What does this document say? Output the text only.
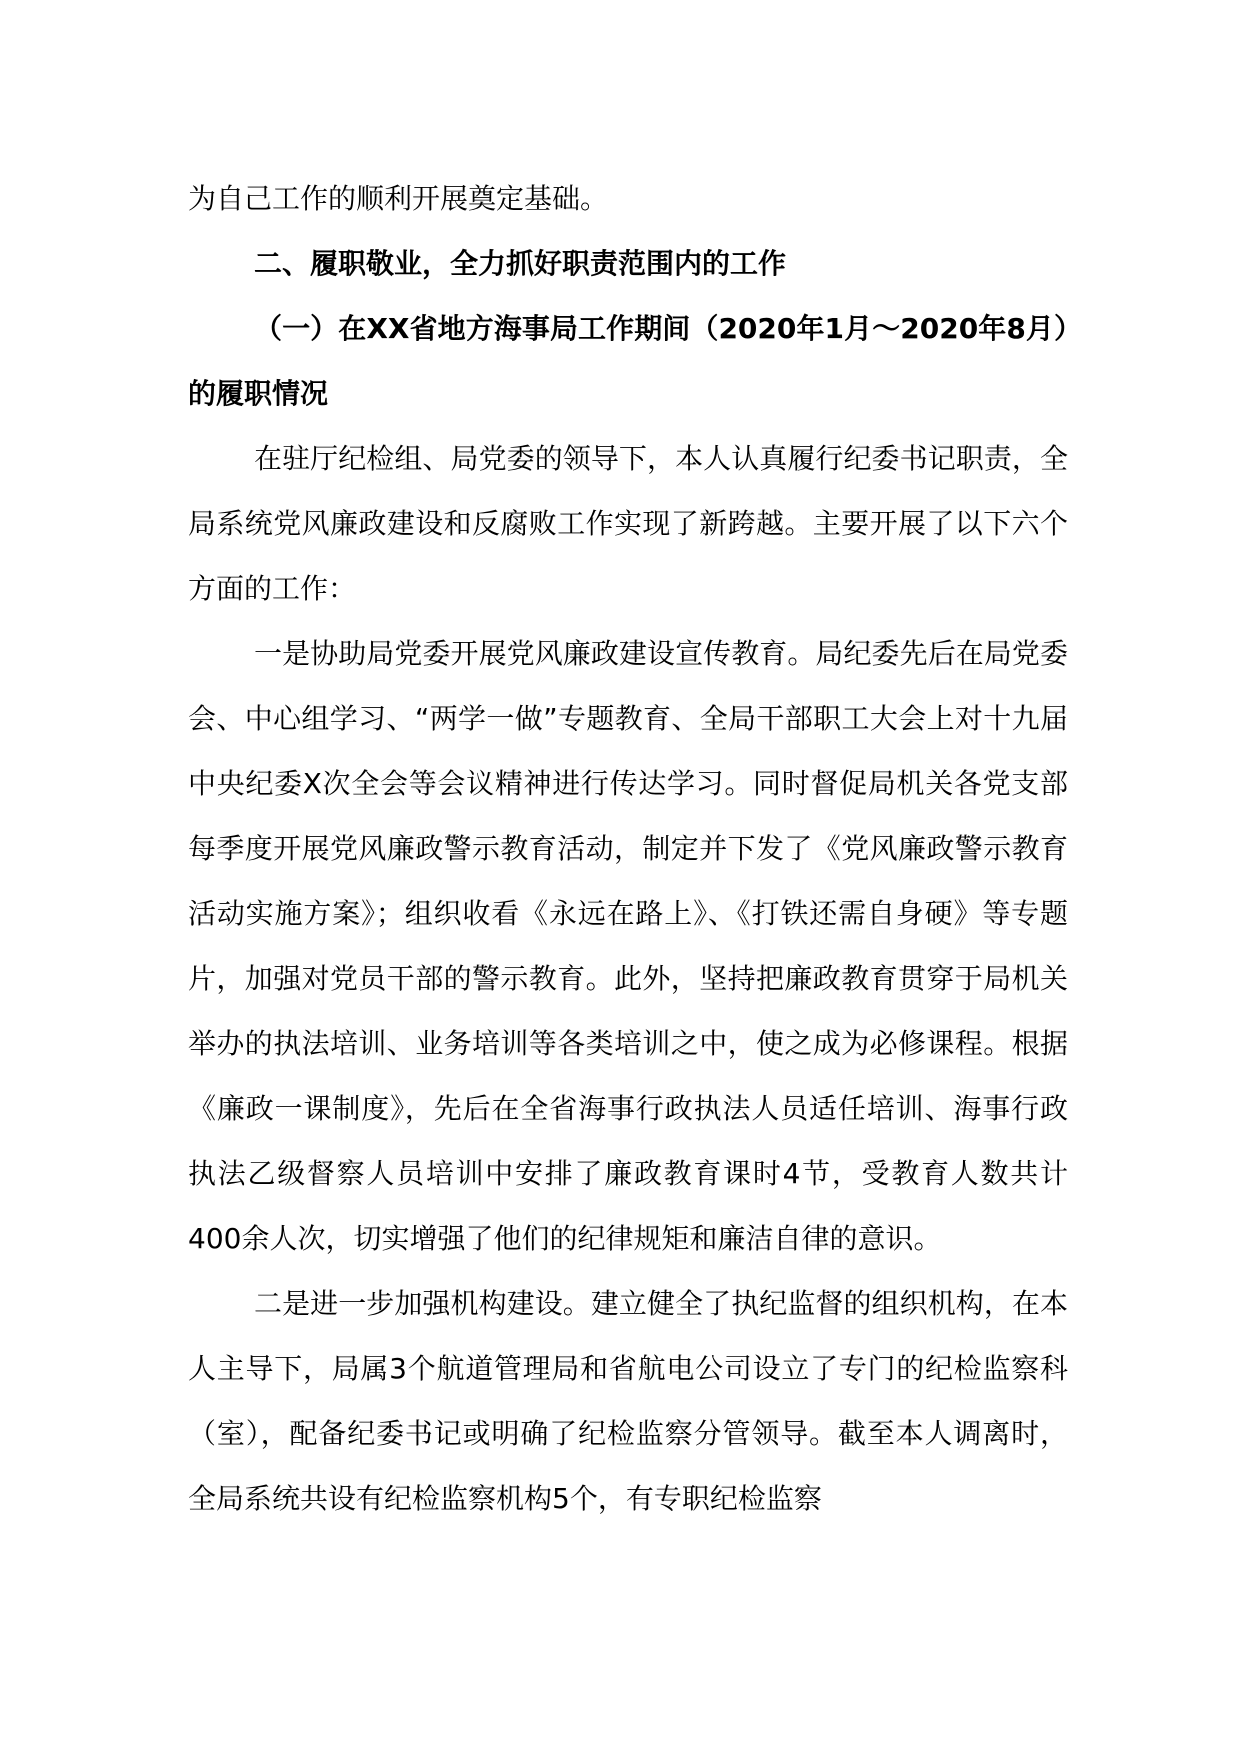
为自己工作的顺利开展奠定基础。

二、履职敬业，全力抓好职责范围内的工作

（一）在XX省地方海事局工作期间（2020年1月～2020年8月）的履职情况

在驻厅纪检组、局党委的领导下，本人认真履行纪委书记职责，全局系统党风廉政建设和反腐败工作实现了新跨越。主要开展了以下六个方面的工作：

一是协助局党委开展党风廉政建设宣传教育。局纪委先后在局党委会、中心组学习、“两学一做”专题教育、全局干部职工大会上对十九届中央纪委X次全会等会议精神进行传达学习。同时督促局机关各党支部每季度开展党风廉政警示教育活动，制定并下发了《党风廉政警示教育活动实施方案》；组织收看《永远在路上》、《打铁还需自身硬》等专题片，加强对党员干部的警示教育。此外，坚持把廉政教育贯穿于局机关举办的执法培训、业务培训等各类培训之中，使之成为必修课程。根据《廉政一课制度》，先后在全省海事行政执法人员适任培训、海事行政执法乙级督察人员培训中安排了廉政教育课时4节，受教育人数共计400余人次，切实增强了他们的纪律规矩和廉洁自律的意识。

二是进一步加强机构建设。建立健全了执纪监督的组织机构，在本人主导下，局属3个航道管理局和省航电公司设立了专门的纪检监察科（室），配备纪委书记或明确了纪检监察分管领导。截至本人调离时，全局系统共设有纪检监察机构5个，有专职纪检监察
